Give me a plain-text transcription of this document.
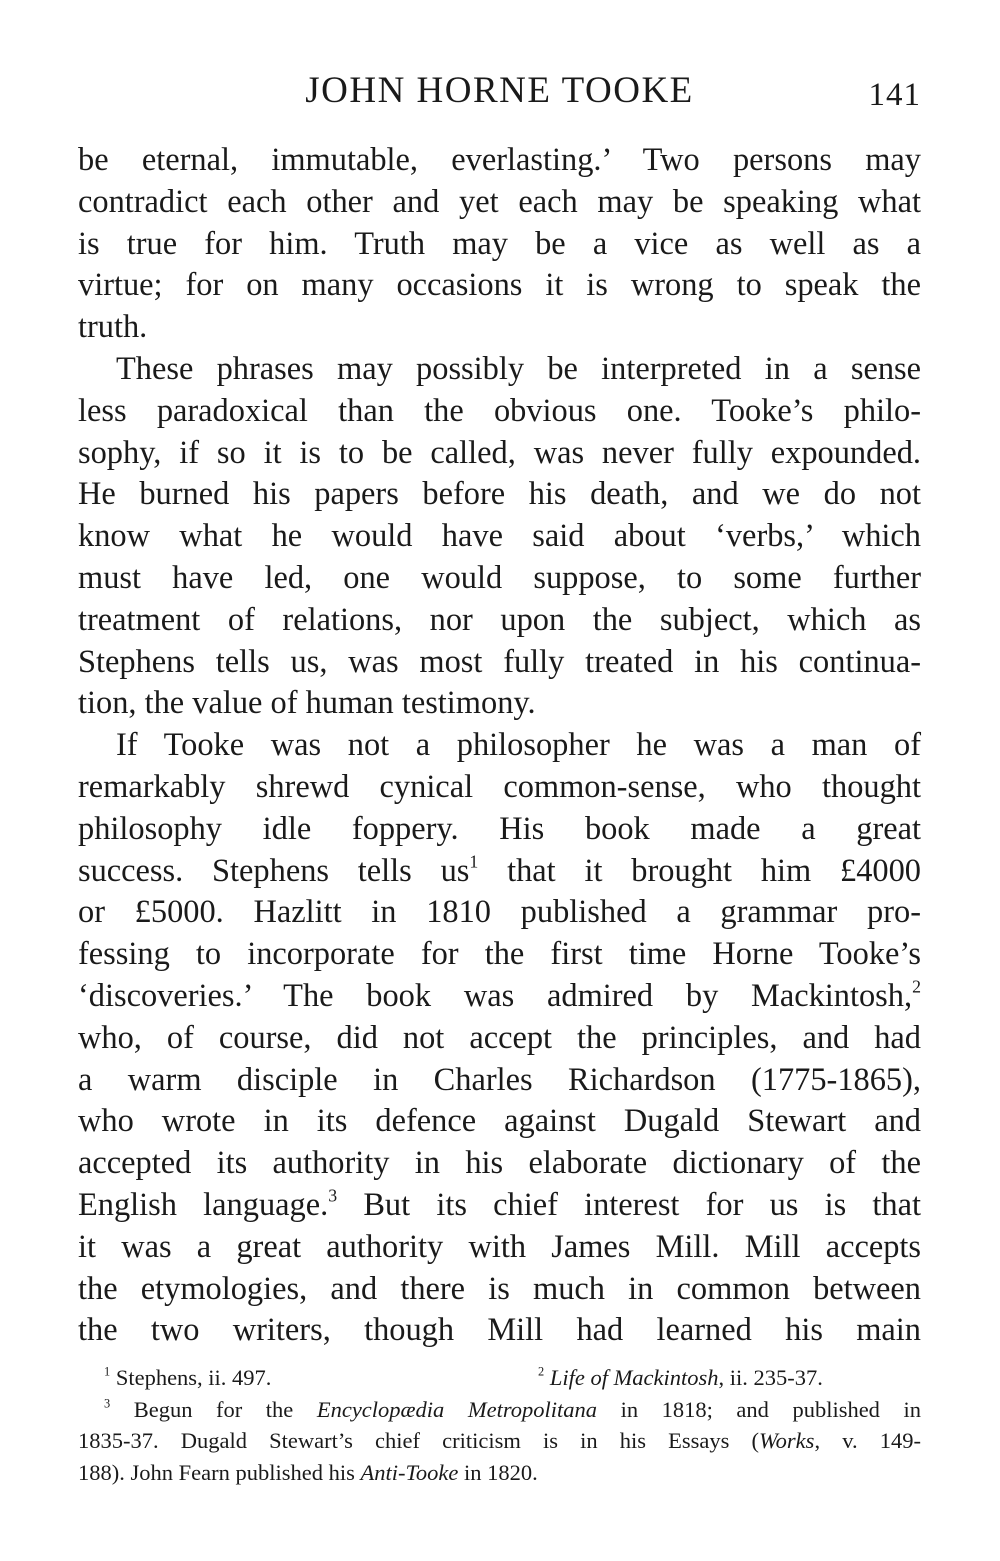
JOHN HORNE TOOKE	141

be eternal, immutable, everlasting.’ Two persons may
contradict each other and yet each may be speaking what
is true for him. Truth may be a vice as well as a
virtue; for on many occasions it is wrong to speak the
truth.

These phrases may possibly be interpreted in a sense
less paradoxical than the obvious one. Tooke’s philo-
sophy, if so it is to be called, was never fully expounded.
He burned his papers before his death, and we do not
know what he would have said about ‘verbs,’ which
must have led, one would suppose, to some further
treatment of relations, nor upon the subject, which as
Stephens tells us, was most fully treated in his continua-
tion, the value of human testimony.

If Tooke was not a philosopher he was a man of
remarkably shrewd cynical common-sense, who thought
philosophy idle foppery. His book made a great
success. Stephens tells $us^1$ that it brought him £4000
or £5000. Hazlitt in 1810 published a grammar pro-
fessing to incorporate for the first time Horne Tooke’s
‘discoveries.’ The book was admired by Mackintosh,$^2$
who, of course, did not accept the principles, and had
a warm disciple in Charles Richardson (1775-1865),
who wrote in its defence against Dugald Stewart and
accepted its authority in his elaborate dictionary of the
English language.$^3$ But its chief interest for us is that
it was a great authority with James Mill. Mill accepts
the etymologies, and there is much in common between
the two writers, though Mill had learned his main

$^1$ Stephens, ii. 497.	$^2$ Life of Mackintosh, ii. 235-37.
$^3$ Begun for the Encyclopædia Metropolitana in 1818; and published in
1835-37. Dugald Stewart’s chief criticism is in his Essays (Works, v. 149-
188). John Fearn published his Anti-Tooke in 1820.
